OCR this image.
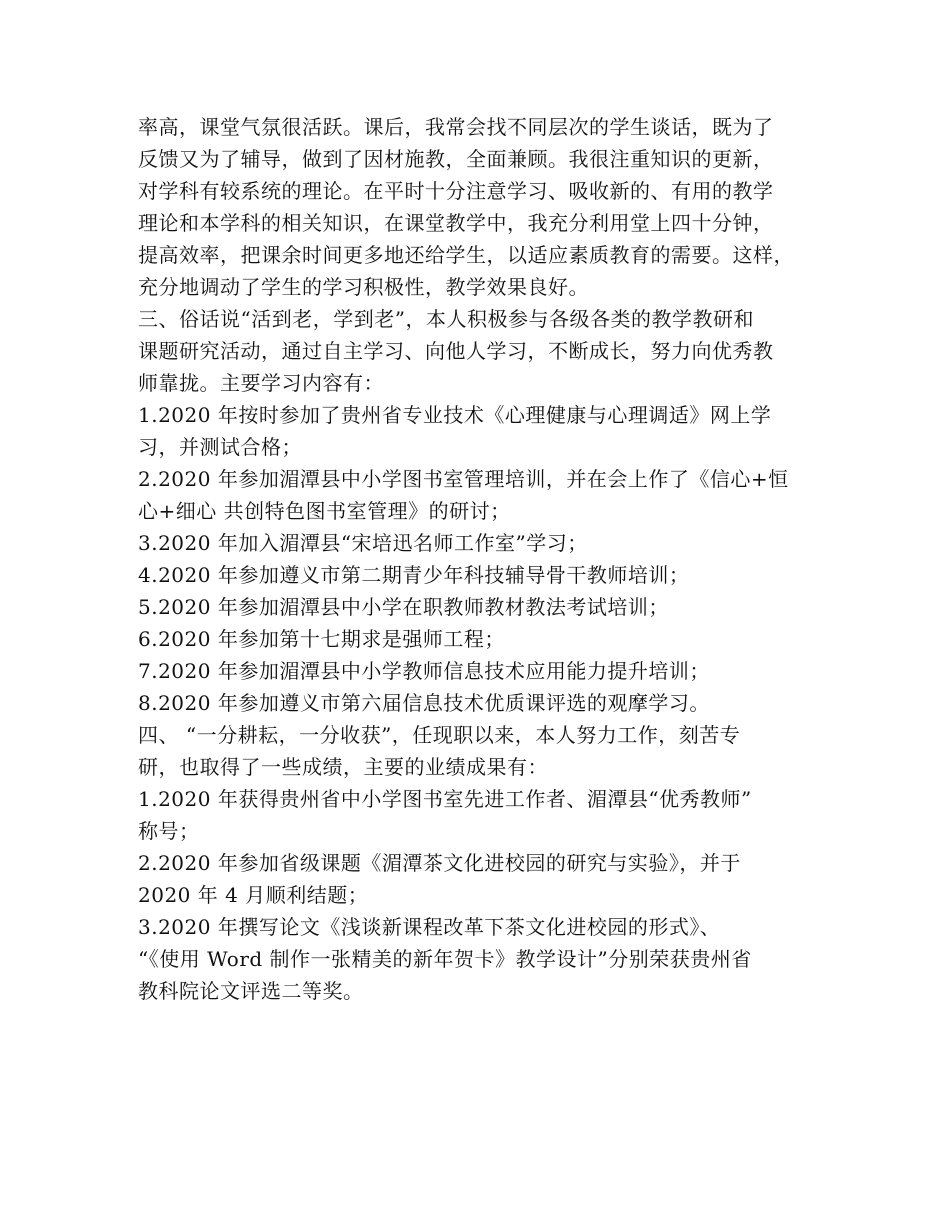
率高，课堂气氛很活跃。课后，我常会找不同层次的学生谈话，既为了
反馈又为了辅导，做到了因材施教，全面兼顾。我很注重知识的更新，
对学科有较系统的理论。在平时十分注意学习、吸收新的、有用的教学
理论和本学科的相关知识，在课堂教学中，我充分利用堂上四十分钟，
提高效率，把课余时间更多地还给学生，以适应素质教育的需要。这样，
充分地调动了学生的学习积极性，教学效果良好。
三、俗话说“活到老，学到老”，本人积极参与各级各类的教学教研和
课题研究活动，通过自主学习、向他人学习，不断成长，努力向优秀教
师靠拢。主要学习内容有：
1.2020 年按时参加了贵州省专业技术《心理健康与心理调适》网上学
习，并测试合格；
2.2020 年参加湄潭县中小学图书室管理培训，并在会上作了《信心+恒
心+细心 共创特色图书室管理》的研讨；
3.2020 年加入湄潭县“宋培迅名师工作室”学习；
4.2020 年参加遵义市第二期青少年科技辅导骨干教师培训；
5.2020 年参加湄潭县中小学在职教师教材教法考试培训；
6.2020 年参加第十七期求是强师工程；
7.2020 年参加湄潭县中小学教师信息技术应用能力提升培训；
8.2020 年参加遵义市第六届信息技术优质课评选的观摩学习。
四、 “一分耕耘，一分收获”，任现职以来，本人努力工作，刻苦专
研，也取得了一些成绩，主要的业绩成果有：
1.2020 年获得贵州省中小学图书室先进工作者、湄潭县“优秀教师”
称号；
2.2020 年参加省级课题《湄潭茶文化进校园的研究与实验》，并于
2020 年 4 月顺利结题；
3.2020 年撰写论文《浅谈新课程改革下茶文化进校园的形式》、
“《使用 Word 制作一张精美的新年贺卡》教学设计”分别荣获贵州省
教科院论文评选二等奖。
